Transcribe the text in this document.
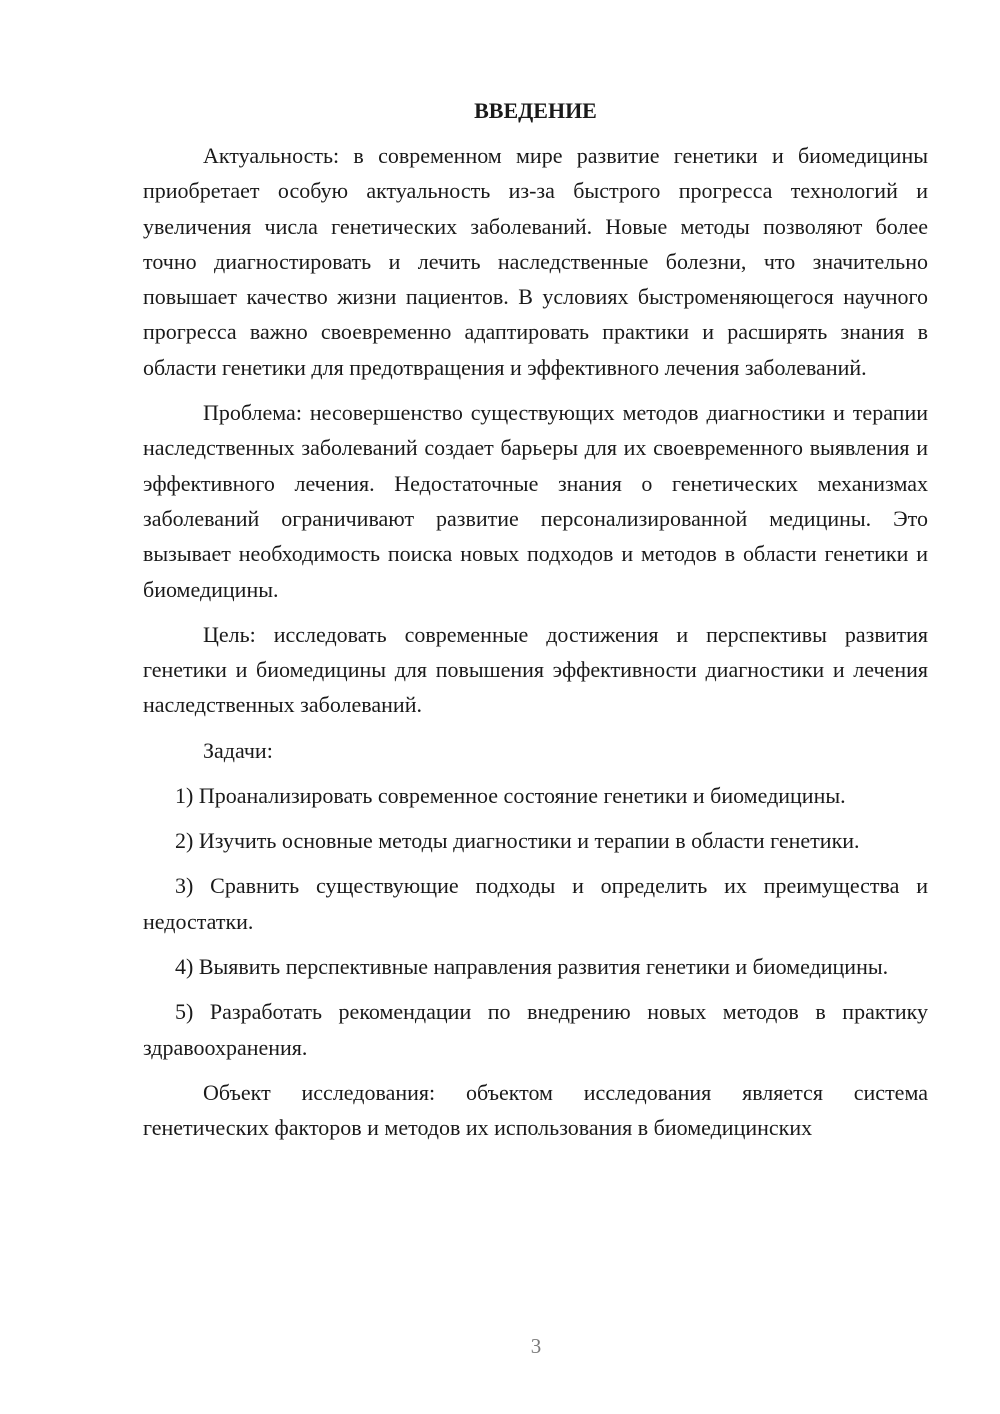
ВВЕДЕНИЕ

Актуальность: в современном мире развитие генетики и биомедицины приобретает особую актуальность из-за быстрого прогресса технологий и увеличения числа генетических заболеваний. Новые методы позволяют более точно диагностировать и лечить наследственные болезни, что значительно повышает качество жизни пациентов. В условиях быстроменяющегося научного прогресса важно своевременно адаптировать практики и расширять знания в области генетики для предотвращения и эффективного лечения заболеваний.

Проблема: несовершенство существующих методов диагностики и терапии наследственных заболеваний создает барьеры для их своевременного выявления и эффективного лечения. Недостаточные знания о генетических механизмах заболеваний ограничивают развитие персонализированной медицины. Это вызывает необходимость поиска новых подходов и методов в области генетики и биомедицины.

Цель: исследовать современные достижения и перспективы развития генетики и биомедицины для повышения эффективности диагностики и лечения наследственных заболеваний.

Задачи:

1) Проанализировать современное состояние генетики и биомедицины.

2) Изучить основные методы диагностики и терапии в области генетики.

3) Сравнить существующие подходы и определить их преимущества и недостатки.

4) Выявить перспективные направления развития генетики и биомедицины.

5) Разработать рекомендации по внедрению новых методов в практику здравоохранения.

Объект исследования: объектом исследования является система генетических факторов и методов их использования в биомедицинских

3
